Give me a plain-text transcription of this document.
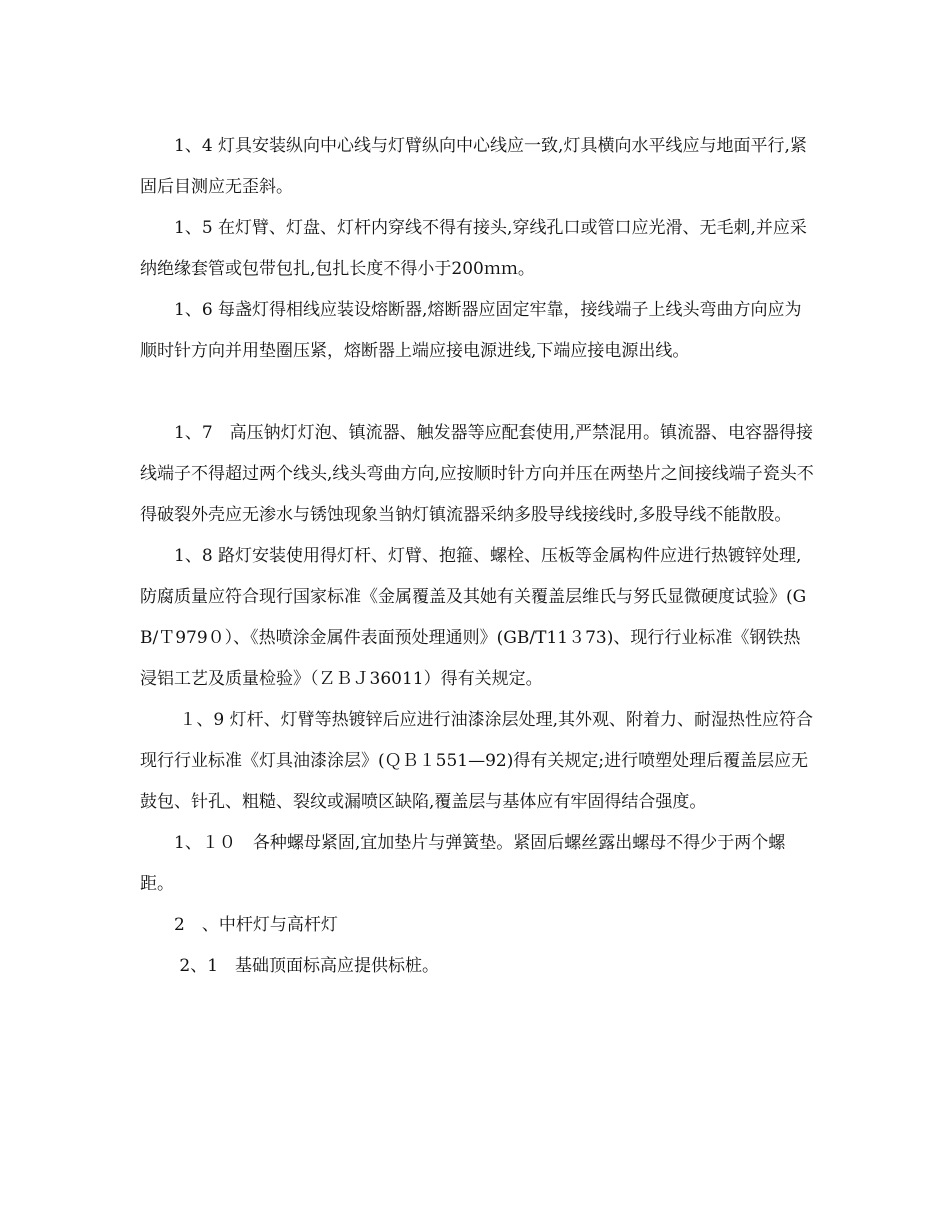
1、4 灯具安装纵向中心线与灯臂纵向中心线应一致,灯具横向水平线应与地面平行,紧固后目测应无歪斜。

1、5 在灯臂、灯盘、灯杆内穿线不得有接头,穿线孔口或管口应光滑、无毛刺,并应采纳绝缘套管或包带包扎,包扎长度不得小于200ｍｍ。

1、6 每盏灯得相线应装设熔断器,熔断器应固定牢靠，接线端子上线头弯曲方向应为顺时针方向并用垫圈压紧，熔断器上端应接电源进线,下端应接电源出线。

1、7　高压钠灯灯泡、镇流器、触发器等应配套使用,严禁混用。镇流器、电容器得接线端子不得超过两个线头,线头弯曲方向,应按顺时针方向并压在两垫片之间接线端子瓷头不得破裂外壳应无渗水与锈蚀现象当钠灯镇流器采纳多股导线接线时,多股导线不能散股。

1、8 路灯安装使用得灯杆、灯臂、抱箍、螺栓、压板等金属构件应进行热镀锌处理,防腐质量应符合现行国家标准《金属覆盖及其她有关覆盖层维氏与努氏显微硬度试验》(GB/Ｔ979０）、《热喷涂金属件表面预处理通则》(GB/T11３73)、现行行业标准《钢铁热浸铝工艺及质量检验》（ＺＢＪ36011）得有关规定。

１、9 灯杆、灯臂等热镀锌后应进行油漆涂层处理,其外观、附着力、耐湿热性应符合现行行业标准《灯具油漆涂层》(ＱＢ１551—92)得有关规定;进行喷塑处理后覆盖层应无鼓包、针孔、粗糙、裂纹或漏喷区缺陷,覆盖层与基体应有牢固得结合强度。

1、１０　各种螺母紧固,宜加垫片与弹簧垫。紧固后螺丝露出螺母不得少于两个螺距。

2　、中杆灯与高杆灯

2、1　基础顶面标高应提供标桩。
